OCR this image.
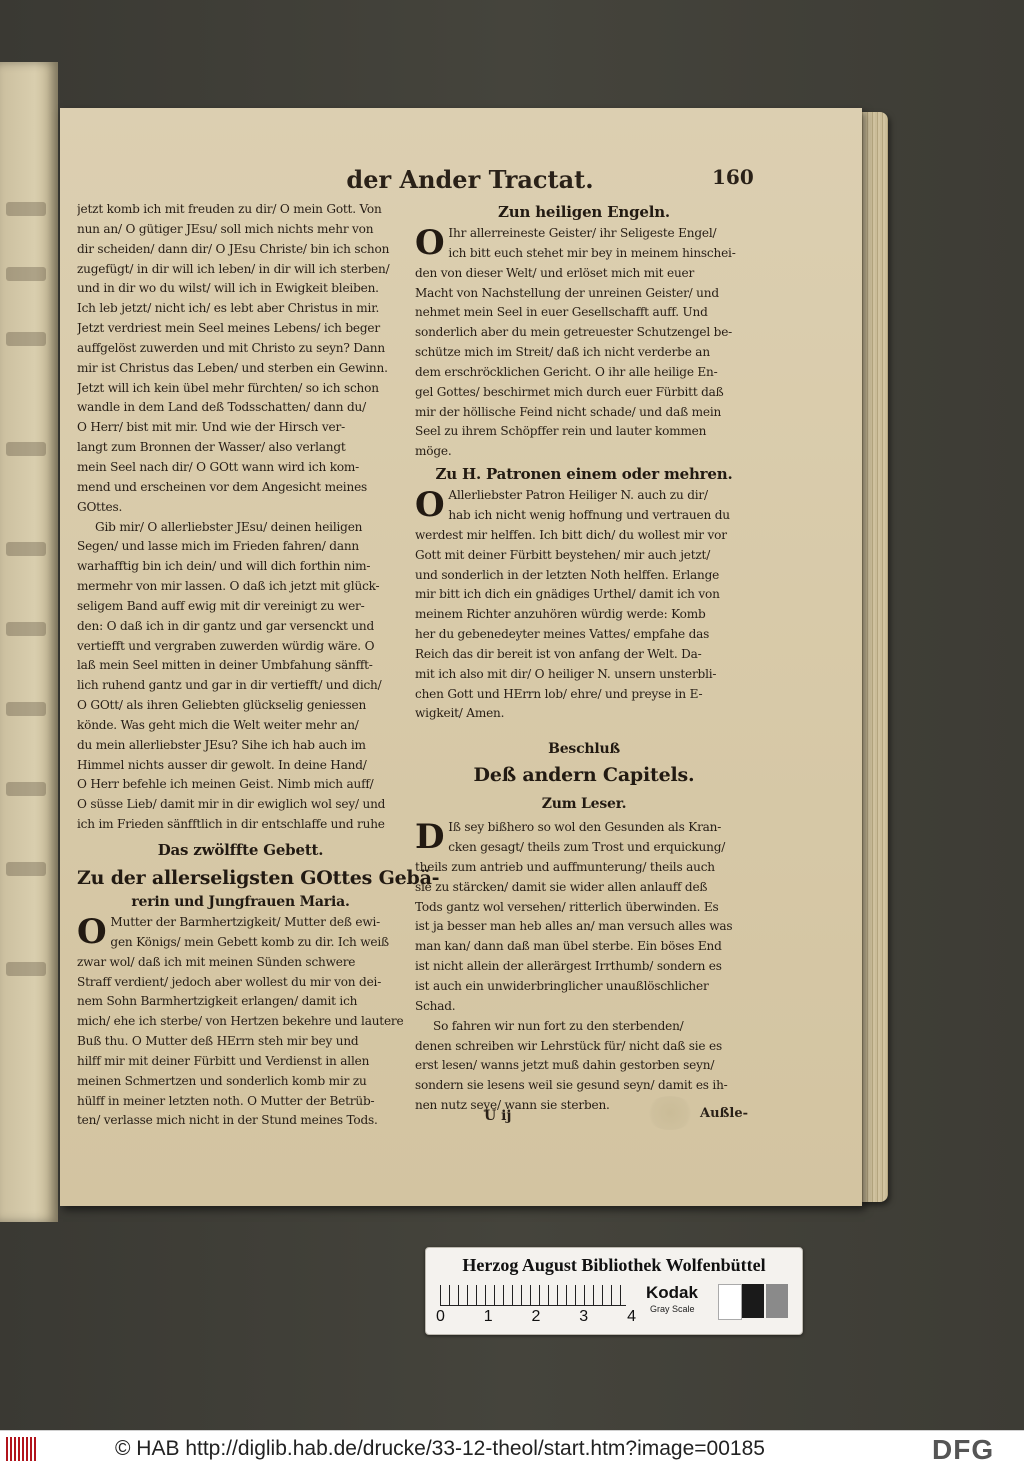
der Ander Tractat.	160
jetzt komb ich mit freuden zu dir/ O mein Gott. Von
nun an/ O gütiger JEsu/ soll mich nichts mehr von
dir scheiden/ dann dir/ O JEsu Christe/ bin ich schon
zugefügt/ in dir will ich leben/ in dir will ich sterben/
und in dir wo du wilst/ will ich in Ewigkeit bleiben.
Ich leb jetzt/ nicht ich/ es lebt aber Christus in mir.
Jetzt verdriest mein Seel meines Lebens/ ich beger
auffgelöst zuwerden und mit Christo zu seyn? Dann
mir ist Christus das Leben/ und sterben ein Gewinn.
Jetzt will ich kein übel mehr fürchten/ so ich schon
wandle in dem Land deß Todsschatten/ dann du/
O Herr/ bist mit mir. Und wie der Hirsch ver-
langt zum Bronnen der Wasser/ also verlangt
mein Seel nach dir/ O GOtt wann wird ich kom-
mend und erscheinen vor dem Angesicht meines
GOttes.
Gib mir/ O allerliebster JEsu/ deinen heiligen
Segen/ und lasse mich im Frieden fahren/ dann
warhafftig bin ich dein/ und will dich forthin nim-
mermehr von mir lassen. O daß ich jetzt mit glück-
seligem Band auff ewig mit dir vereinigt zu wer-
den: O daß ich in dir gantz und gar versenckt und
vertiefft und vergraben zuwerden würdig wäre. O
laß mein Seel mitten in deiner Umbfahung sänfft-
lich ruhend gantz und gar in dir vertiefft/ und dich/
O GOtt/ als ihren Geliebten glückselig geniessen
könde. Was geht mich die Welt weiter mehr an/
du mein allerliebster JEsu? Sihe ich hab auch im
Himmel nichts ausser dir gewolt. In deine Hand/
O Herr befehle ich meinen Geist. Nimb mich auff/
O süsse Lieb/ damit mir in dir ewiglich wol sey/ und
ich im Frieden sänfftlich in dir entschlaffe und ruhe
Das zwölffte Gebett.
Zu der allerseligsten GOttes Gebä-
rerin und Jungfrauen Maria.
O Mutter der Barmhertzigkeit/ Mutter deß ewi-
gen Königs/ mein Gebett komb zu dir. Ich weiß
zwar wol/ daß ich mit meinen Sünden schwere
Straff verdient/ jedoch aber wollest du mir von dei-
nem Sohn Barmhertzigkeit erlangen/ damit ich
mich/ ehe ich sterbe/ von Hertzen bekehre und lautere
Buß thu. O Mutter deß HErrn steh mir bey und
hilff mir mit deiner Fürbitt und Verdienst in allen
meinen Schmertzen und sonderlich komb mir zu
hülff in meiner letzten noth. O Mutter der Betrüb-
ten/ verlasse mich nicht in der Stund meines Tods.
Zun heiligen Engeln.
O Ihr allerreineste Geister/ ihr Seligeste Engel/
ich bitt euch stehet mir bey in meinem hinschei-
den von dieser Welt/ und erlöset mich mit euer
Macht von Nachstellung der unreinen Geister/ und
nehmet mein Seel in euer Gesellschafft auff. Und
sonderlich aber du mein getreuester Schutzengel be-
schütze mich im Streit/ daß ich nicht verderbe an
dem erschröcklichen Gericht. O ihr alle heilige En-
gel Gottes/ beschirmet mich durch euer Fürbitt daß
mir der höllische Feind nicht schade/ und daß mein
Seel zu ihrem Schöpffer rein und lauter kommen
möge.
Zu H. Patronen einem oder mehren.
O Allerliebster Patron Heiliger N. auch zu dir/
hab ich nicht wenig hoffnung und vertrauen du
werdest mir helffen. Ich bitt dich/ du wollest mir vor
Gott mit deiner Fürbitt beystehen/ mir auch jetzt/
und sonderlich in der letzten Noth helffen. Erlange
mir bitt ich dich ein gnädiges Urthel/ damit ich von
meinem Richter anzuhören würdig werde: Komb
her du gebenedeyter meines Vattes/ empfahe das
Reich das dir bereit ist von anfang der Welt. Da-
mit ich also mit dir/ O heiliger N. unsern unsterbli-
chen Gott und HErrn lob/ ehre/ und preyse in E-
wigkeit/ Amen.
Beschluß
Deß andern Capitels.
Zum Leser.
D Iß sey bißhero so wol den Gesunden als Kran-
cken gesagt/ theils zum Trost und erquickung/
theils zum antrieb und auffmunterung/ theils auch
sie zu stärcken/ damit sie wider allen anlauff deß
Tods gantz wol versehen/ ritterlich überwinden. Es
ist ja besser man heb alles an/ man versuch alles was
man kan/ dann daß man übel sterbe. Ein böses End
ist nicht allein der allerärgest Irrthumb/ sondern es
ist auch ein unwiderbringlicher unaußlöschlicher
Schad.
So fahren wir nun fort zu den sterbenden/
denen schreiben wir Lehrstück für/ nicht daß sie es
erst lesen/ wanns jetzt muß dahin gestorben seyn/
sondern sie lesens weil sie gesund seyn/ damit es ih-
nen nutz seye/ wann sie sterben.
U ij	Außle-
Herzog August Bibliothek Wolfenbüttel
0 1 2 3 4
Kodak
Gray Scale
© HAB http://diglib.hab.de/drucke/33-12-theol/start.htm?image=00185	DFG
